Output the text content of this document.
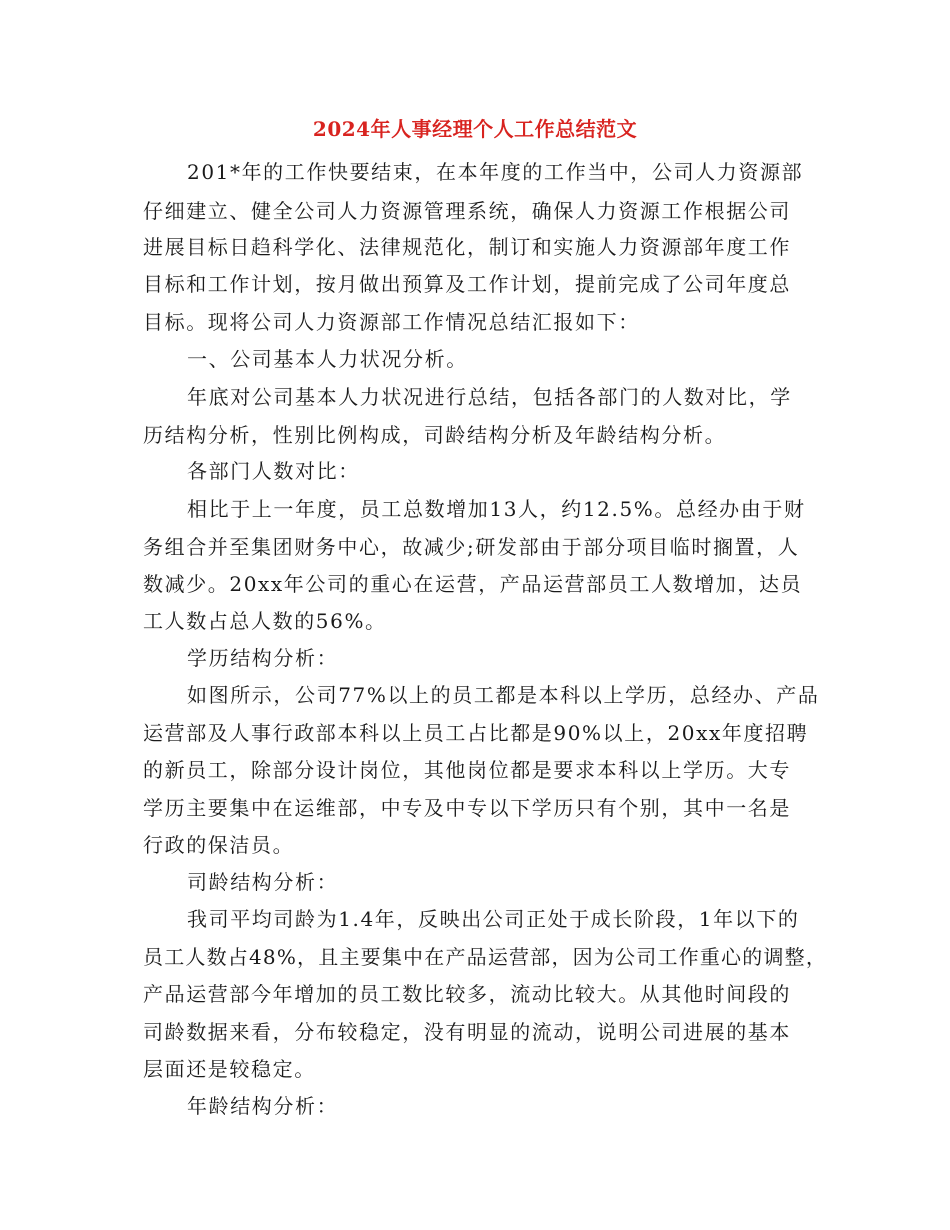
2024年人事经理个人工作总结范文
201*年的工作快要结束，在本年度的工作当中，公司人力资源部
仔细建立、健全公司人力资源管理系统，确保人力资源工作根据公司
进展目标日趋科学化、法律规范化，制订和实施人力资源部年度工作
目标和工作计划，按月做出预算及工作计划，提前完成了公司年度总
目标。现将公司人力资源部工作情况总结汇报如下：
一、公司基本人力状况分析。
年底对公司基本人力状况进行总结，包括各部门的人数对比，学
历结构分析，性别比例构成，司龄结构分析及年龄结构分析。
各部门人数对比：
相比于上一年度，员工总数增加13人，约12.5%。总经办由于财
务组合并至集团财务中心，故减少;研发部由于部分项目临时搁置，人
数减少。20xx年公司的重心在运营，产品运营部员工人数增加，达员
工人数占总人数的56%。
学历结构分析：
如图所示，公司77%以上的员工都是本科以上学历，总经办、产品
运营部及人事行政部本科以上员工占比都是90%以上，20xx年度招聘
的新员工，除部分设计岗位，其他岗位都是要求本科以上学历。大专
学历主要集中在运维部，中专及中专以下学历只有个别，其中一名是
行政的保洁员。
司龄结构分析：
我司平均司龄为1.4年，反映出公司正处于成长阶段，1年以下的
员工人数占48%，且主要集中在产品运营部，因为公司工作重心的调整，
产品运营部今年增加的员工数比较多，流动比较大。从其他时间段的
司龄数据来看，分布较稳定，没有明显的流动，说明公司进展的基本
层面还是较稳定。
年龄结构分析：
